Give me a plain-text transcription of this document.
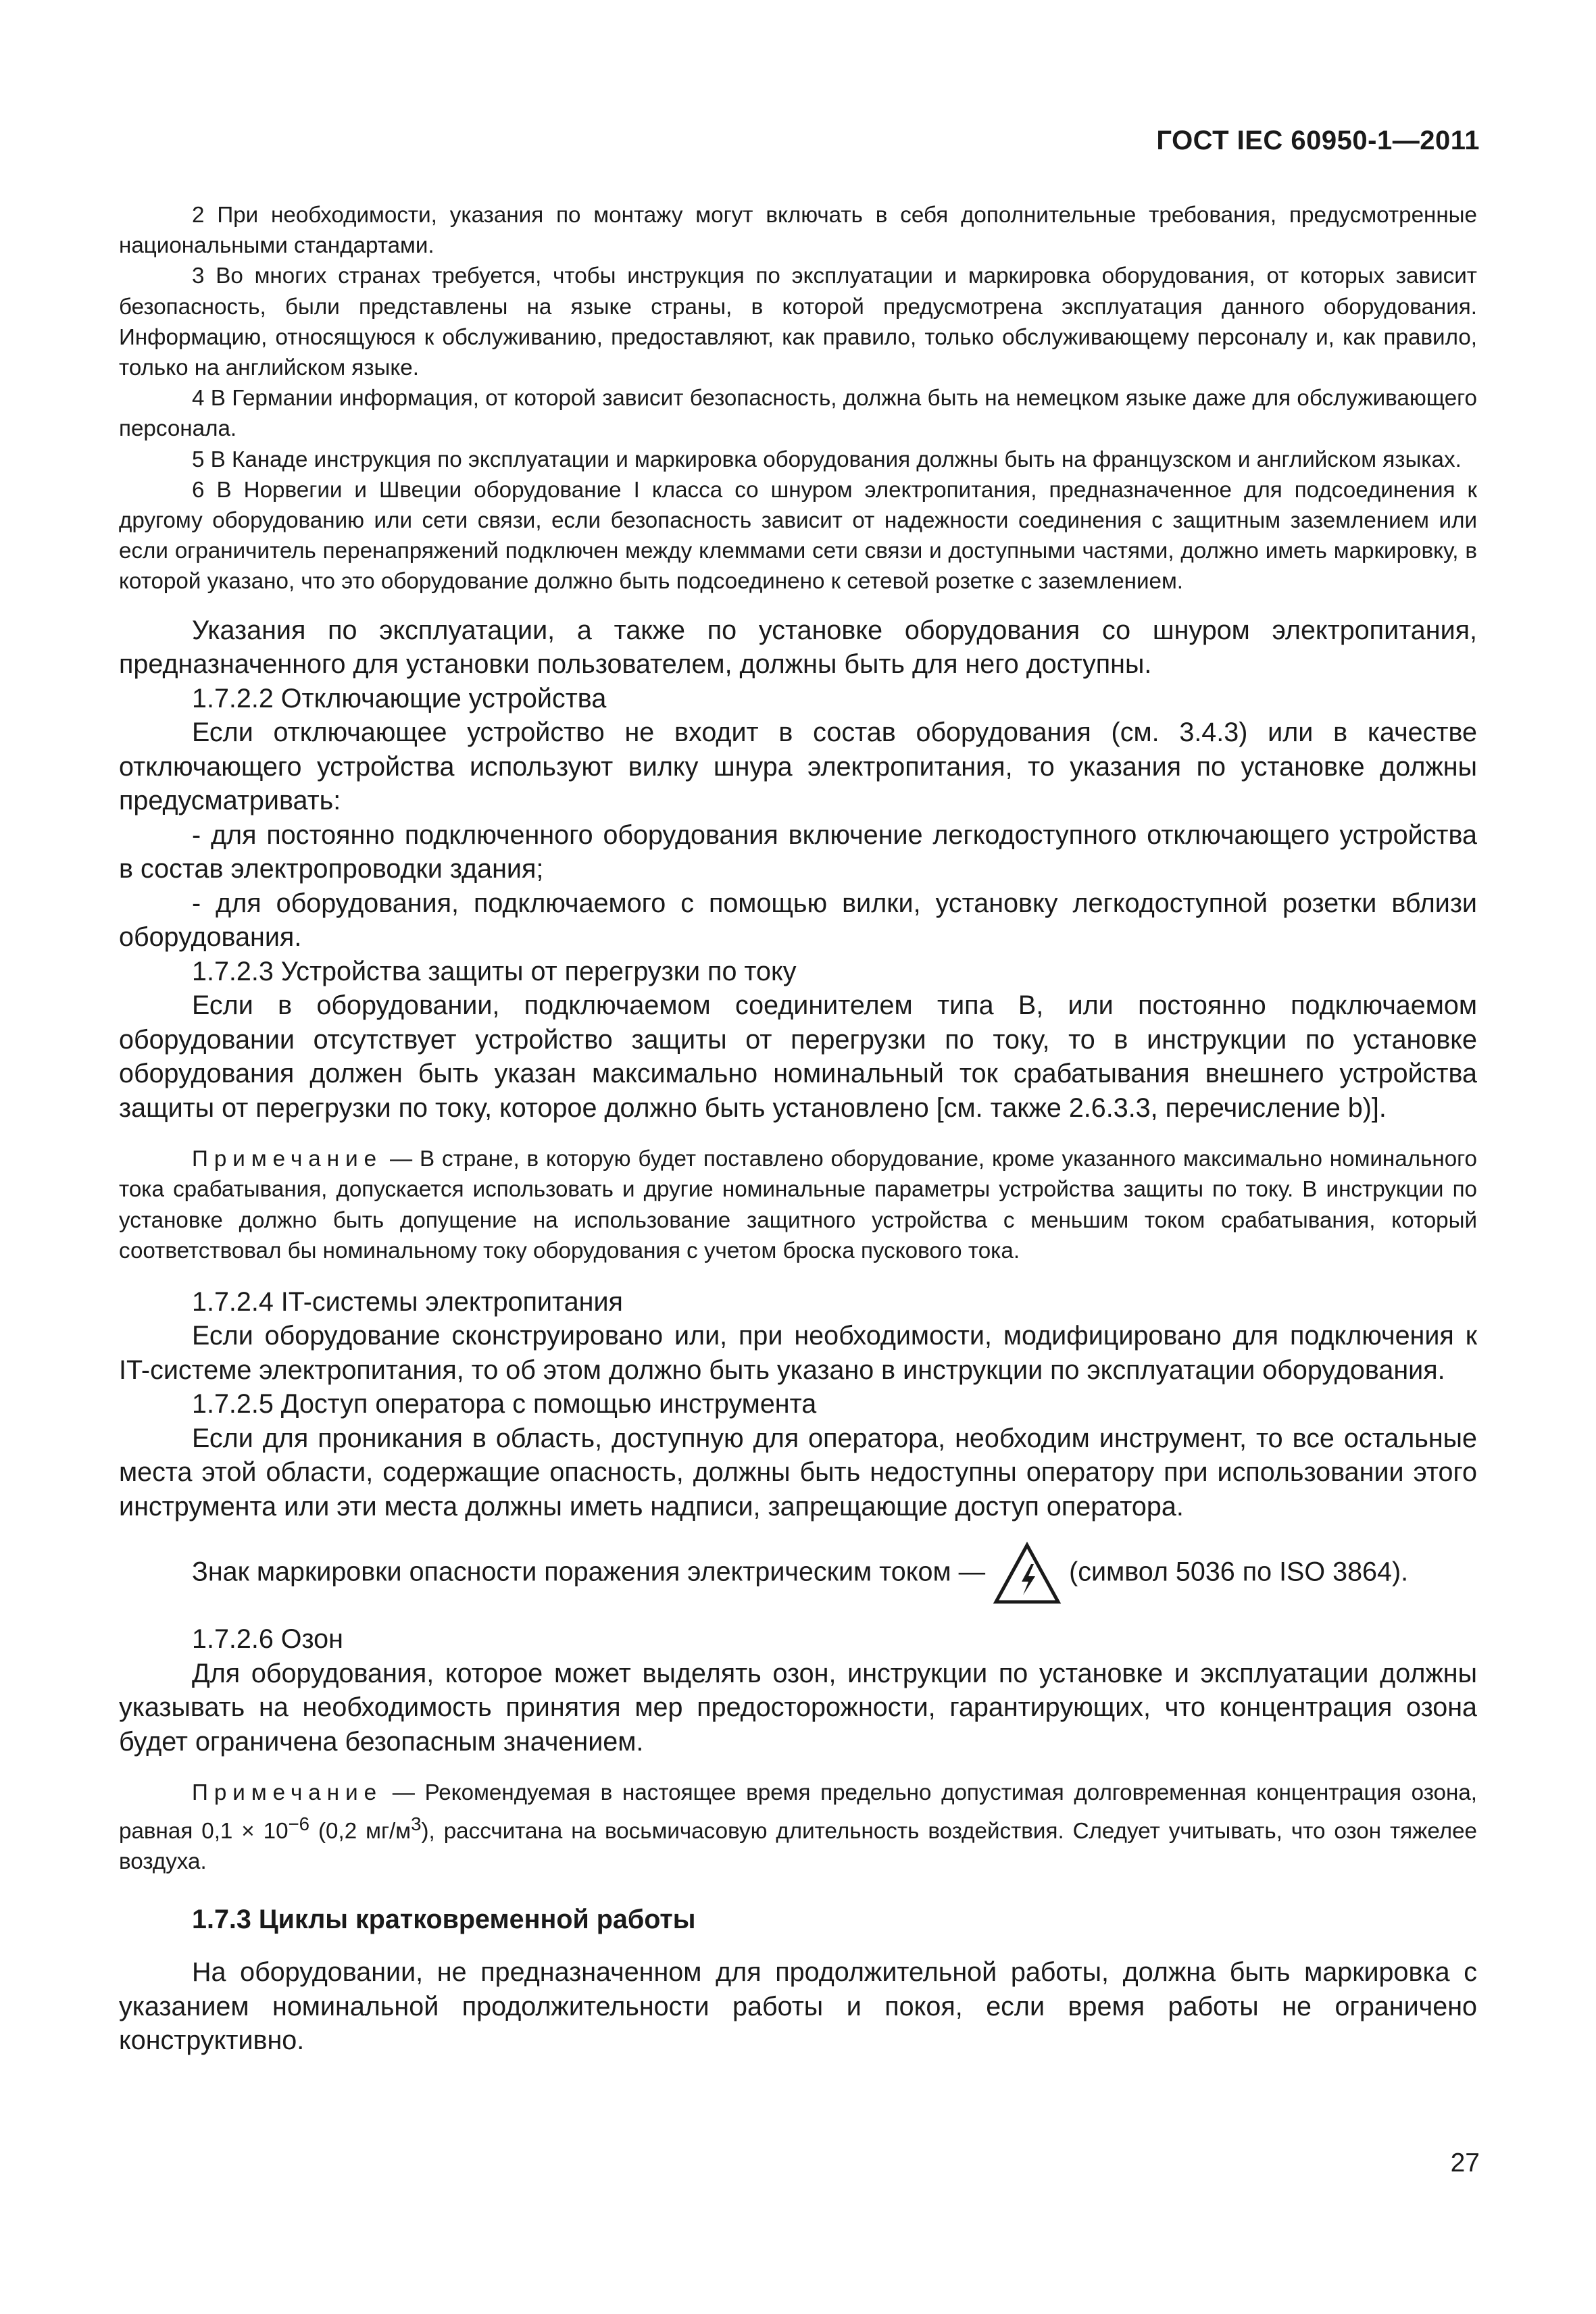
ГОСТ IEC 60950-1—2011

2 При необходимости, указания по монтажу могут включать в себя дополнительные требования, предусмотренные национальными стандартами.

3 Во многих странах требуется, чтобы инструкция по эксплуатации и маркировка оборудования, от которых зависит безопасность, были представлены на языке страны, в которой предусмотрена эксплуатация данного оборудования. Информацию, относящуюся к обслуживанию, предоставляют, как правило, только обслуживающему персоналу и, как правило, только на английском языке.

4 В Германии информация, от которой зависит безопасность, должна быть на немецком языке даже для обслуживающего персонала.

5 В Канаде инструкция по эксплуатации и маркировка оборудования должны быть на французском и английском языках.

6 В Норвегии и Швеции оборудование I класса со шнуром электропитания, предназначенное для подсоединения к другому оборудованию или сети связи, если безопасность зависит от надежности соединения с защитным заземлением или если ограничитель перенапряжений подключен между клеммами сети связи и доступными частями, должно иметь маркировку, в которой указано, что это оборудование должно быть подсоединено к сетевой розетке с заземлением.

Указания по эксплуатации, а также по установке оборудования со шнуром электропитания, предназначенного для установки пользователем, должны быть для него доступны.

1.7.2.2 Отключающие устройства

Если отключающее устройство не входит в состав оборудования (см. 3.4.3) или в качестве отключающего устройства используют вилку шнура электропитания, то указания по установке должны предусматривать:

- для постоянно подключенного оборудования включение легкодоступного отключающего устройства в состав электропроводки здания;

- для оборудования, подключаемого с помощью вилки, установку легкодоступной розетки вблизи оборудования.

1.7.2.3 Устройства защиты от перегрузки по току

Если в оборудовании, подключаемом соединителем типа В, или постоянно подключаемом оборудовании отсутствует устройство защиты от перегрузки по току, то в инструкции по установке оборудования должен быть указан максимально номинальный ток срабатывания внешнего устройства защиты от перегрузки по току, которое должно быть установлено [см. также 2.6.3.3, перечисление b)].

Примечание — В стране, в которую будет поставлено оборудование, кроме указанного максимально номинального тока срабатывания, допускается использовать и другие номинальные параметры устройства защиты по току. В инструкции по установке должно быть допущение на использование защитного устройства с меньшим током срабатывания, который соответствовал бы номинальному току оборудования с учетом броска пускового тока.

1.7.2.4 IT-системы электропитания

Если оборудование сконструировано или, при необходимости, модифицировано для подключения к IT-системе электропитания, то об этом должно быть указано в инструкции по эксплуатации оборудования.

1.7.2.5 Доступ оператора с помощью инструмента

Если для проникания в область, доступную для оператора, необходим инструмент, то все остальные места этой области, содержащие опасность, должны быть недоступны оператору при использовании этого инструмента или эти места должны иметь надписи, запрещающие доступ оператора.

Знак маркировки опасности поражения электрическим током —	(символ 5036 по ISO 3864).

1.7.2.6 Озон

Для оборудования, которое может выделять озон, инструкции по установке и эксплуатации должны указывать на необходимость принятия мер предосторожности, гарантирующих, что концентрация озона будет ограничена безопасным значением.

Примечание — Рекомендуемая в настоящее время предельно допустимая долговременная концентрация озона, равная $0,1 \times 10^{-6}$ (0,2 $мг/м^3$), рассчитана на восьмичасовую длительность воздействия. Следует учитывать, что озон тяжелее воздуха.

1.7.3 Циклы кратковременной работы

На оборудовании, не предназначенном для продолжительной работы, должна быть маркировка с указанием номинальной продолжительности работы и покоя, если время работы не ограничено конструктивно.

27
